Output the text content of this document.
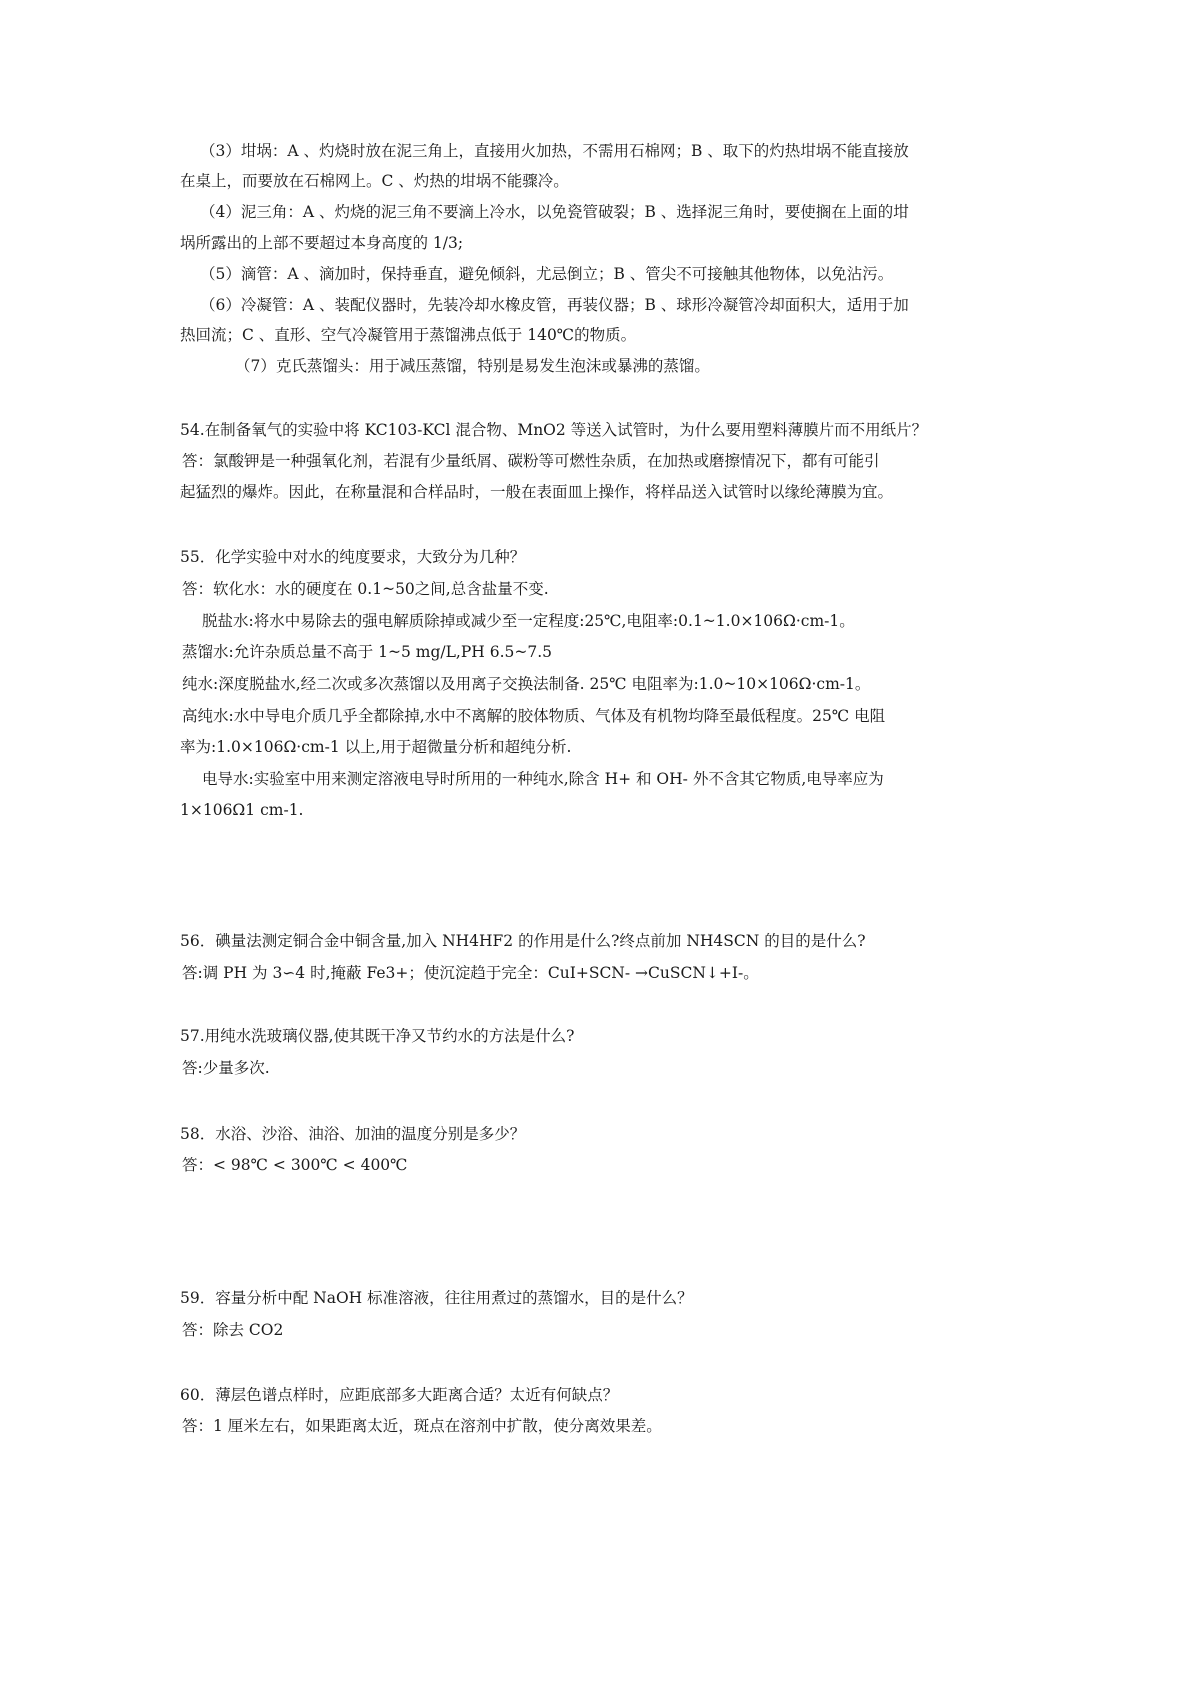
（3）坩埚：A 、灼烧时放在泥三角上，直接用火加热，不需用石棉网；B 、取下的灼热坩埚不能直接放
在桌上，而要放在石棉网上。C 、灼热的坩埚不能骤冷。
（4）泥三角：A 、灼烧的泥三角不要滴上冷水，以免瓷管破裂；B 、选择泥三角时，要使搁在上面的坩
埚所露出的上部不要超过本身高度的 1/3;
（5）滴管：A 、滴加时，保持垂直，避免倾斜，尤忌倒立；B 、管尖不可接触其他物体，以免沾污。
（6）冷凝管：A 、装配仪器时，先装冷却水橡皮管，再装仪器；B 、球形冷凝管冷却面积大，适用于加
热回流；C 、直形、空气冷凝管用于蒸馏沸点低于 140℃的物质。
（7）克氏蒸馏头：用于减压蒸馏，特别是易发生泡沫或暴沸的蒸馏。
54.在制备氧气的实验中将 KC103-KCl 混合物、MnO2 等送入试管时，为什么要用塑料薄膜片而不用纸片？
答：氯酸钾是一种强氧化剂，若混有少量纸屑、碳粉等可燃性杂质，在加热或磨擦情况下，都有可能引
起猛烈的爆炸。因此，在称量混和合样品时，一般在表面皿上操作，将样品送入试管时以缘纶薄膜为宜。
55．化学实验中对水的纯度要求，大致分为几种？
答：软化水：水的硬度在 0.1~50之间,总含盐量不变.
脱盐水:将水中易除去的强电解质除掉或减少至一定程度:25℃,电阻率:0.1~1.0×106Ω·cm-1。
蒸馏水:允许杂质总量不高于 1~5 mg/L,PH 6.5~7.5
纯水:深度脱盐水,经二次或多次蒸馏以及用离子交换法制备. 25℃ 电阻率为:1.0~10×106Ω·cm-1。
高纯水:水中导电介质几乎全都除掉,水中不离解的胶体物质、气体及有机物均降至最低程度。25℃ 电阻
率为:1.0×106Ω·cm-1 以上,用于超微量分析和超纯分析.
电导水:实验室中用来测定溶液电导时所用的一种纯水,除含 H+ 和 OH- 外不含其它物质,电导率应为
1×106Ω1 cm-1.
56．碘量法测定铜合金中铜含量,加入 NH4HF2 的作用是什么?终点前加 NH4SCN 的目的是什么?
答:调 PH 为 3∽4 时,掩蔽 Fe3+；使沉淀趋于完全：CuI+SCN- →CuSCN↓+I-。
57.用纯水洗玻璃仪器,使其既干净又节约水的方法是什么?
答:少量多次.
58．水浴、沙浴、油浴、加油的温度分别是多少？
答：< 98℃ < 300℃ < 400℃
59．容量分析中配 NaOH 标准溶液，往往用煮过的蒸馏水，目的是什么？
答：除去 CO2
60．薄层色谱点样时，应距底部多大距离合适？太近有何缺点？
答：1 厘米左右，如果距离太近，斑点在溶剂中扩散，使分离效果差。
